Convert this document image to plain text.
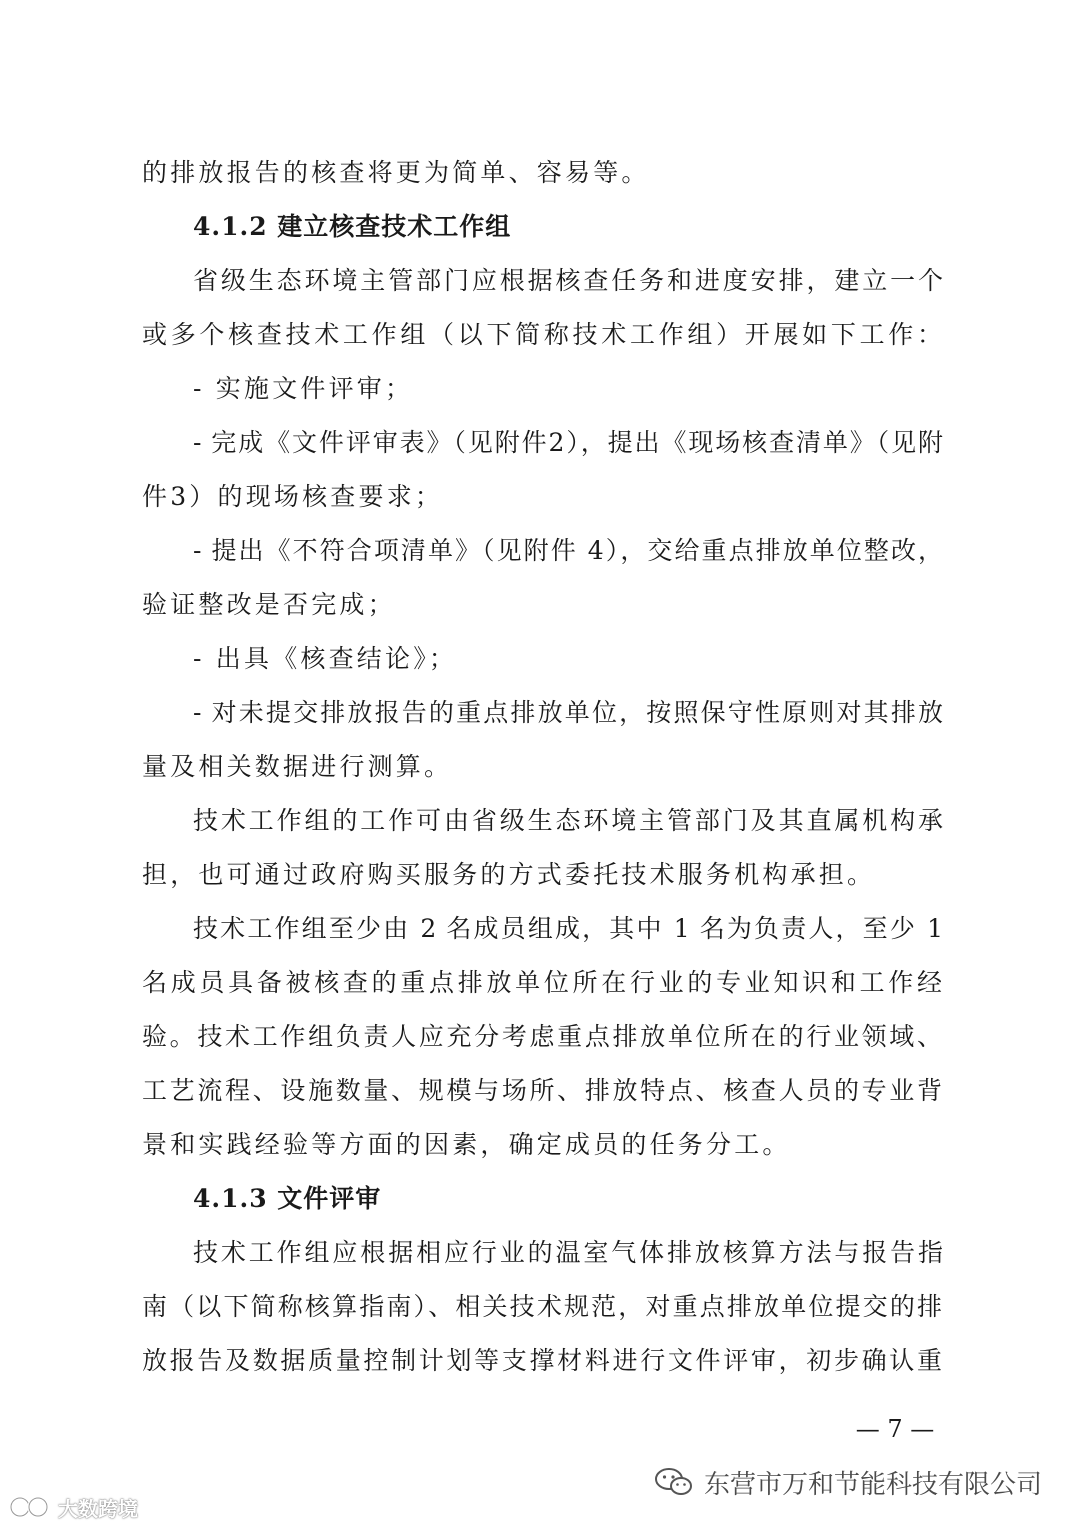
的排放报告的核查将更为简单、容易等。
4.1.2 建立核查技术工作组
省级生态环境主管部门应根据核查任务和进度安排，建立一个
或多个核查技术工作组（以下简称技术工作组）开展如下工作：
- 实施文件评审；
- 完成《文件评审表》（见附件2），提出《现场核查清单》（见附
件3）的现场核查要求；
- 提出《不符合项清单》（见附件 4），交给重点排放单位整改，
验证整改是否完成；
- 出具《核查结论》；
- 对未提交排放报告的重点排放单位，按照保守性原则对其排放
量及相关数据进行测算。
技术工作组的工作可由省级生态环境主管部门及其直属机构承
担，也可通过政府购买服务的方式委托技术服务机构承担。
技术工作组至少由 2 名成员组成，其中 1 名为负责人，至少 1
名成员具备被核查的重点排放单位所在行业的专业知识和工作经
验。技术工作组负责人应充分考虑重点排放单位所在的行业领域、
工艺流程、设施数量、规模与场所、排放特点、核查人员的专业背
景和实践经验等方面的因素，确定成员的任务分工。
4.1.3 文件评审
技术工作组应根据相应行业的温室气体排放核算方法与报告指
南（以下简称核算指南）、相关技术规范，对重点排放单位提交的排
放报告及数据质量控制计划等支撑材料进行文件评审，初步确认重
— 7 —
东营市万和节能科技有限公司
大数跨境
